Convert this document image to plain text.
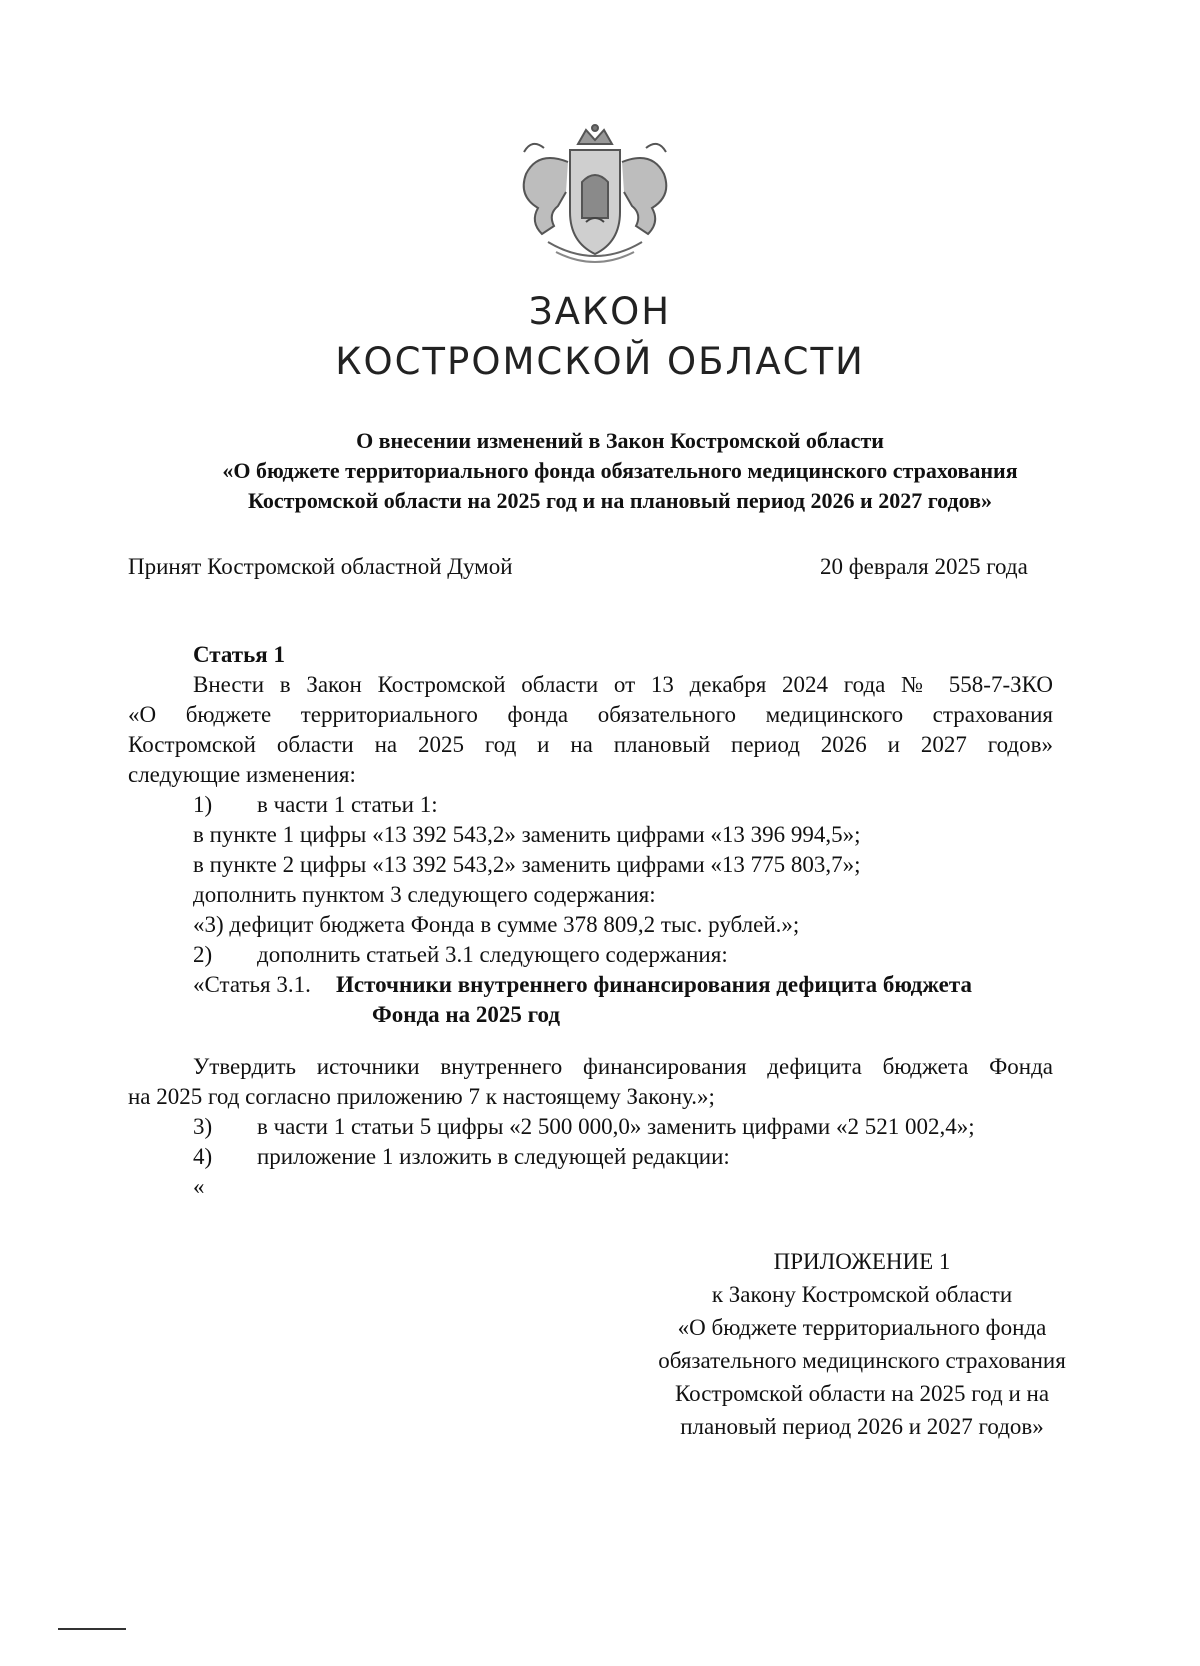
ЗАКОН
КОСТРОМСКОЙ ОБЛАСТИ
О внесении изменений в Закон Костромской области
«О бюджете территориального фонда обязательного медицинского страхования
Костромской области на 2025 год и на плановый период 2026 и 2027 годов»
Принят Костромской областной Думой	20 февраля 2025 года
Статья 1
Внести в Закон Костромской области от 13 декабря 2024 года № 558-7-ЗКО
«О бюджете территориального фонда обязательного медицинского страхования
Костромской области на 2025 год и на плановый период 2026 и 2027 годов»
следующие изменения:
1) в части 1 статьи 1:
в пункте 1 цифры «13 392 543,2» заменить цифрами «13 396 994,5»;
в пункте 2 цифры «13 392 543,2» заменить цифрами «13 775 803,7»;
дополнить пунктом 3 следующего содержания:
«3) дефицит бюджета Фонда в сумме 378 809,2 тыс. рублей.»;
2) дополнить статьей 3.1 следующего содержания:
«Статья 3.1. Источники внутреннего финансирования дефицита бюджета
Фонда на 2025 год
Утвердить источники внутреннего финансирования дефицита бюджета Фонда
на 2025 год согласно приложению 7 к настоящему Закону.»;
3) в части 1 статьи 5 цифры «2 500 000,0» заменить цифрами «2 521 002,4»;
4) приложение 1 изложить в следующей редакции:
«
ПРИЛОЖЕНИЕ 1
к Закону Костромской области
«О бюджете территориального фонда
обязательного медицинского страхования
Костромской области на 2025 год и на
плановый период 2026 и 2027 годов»
